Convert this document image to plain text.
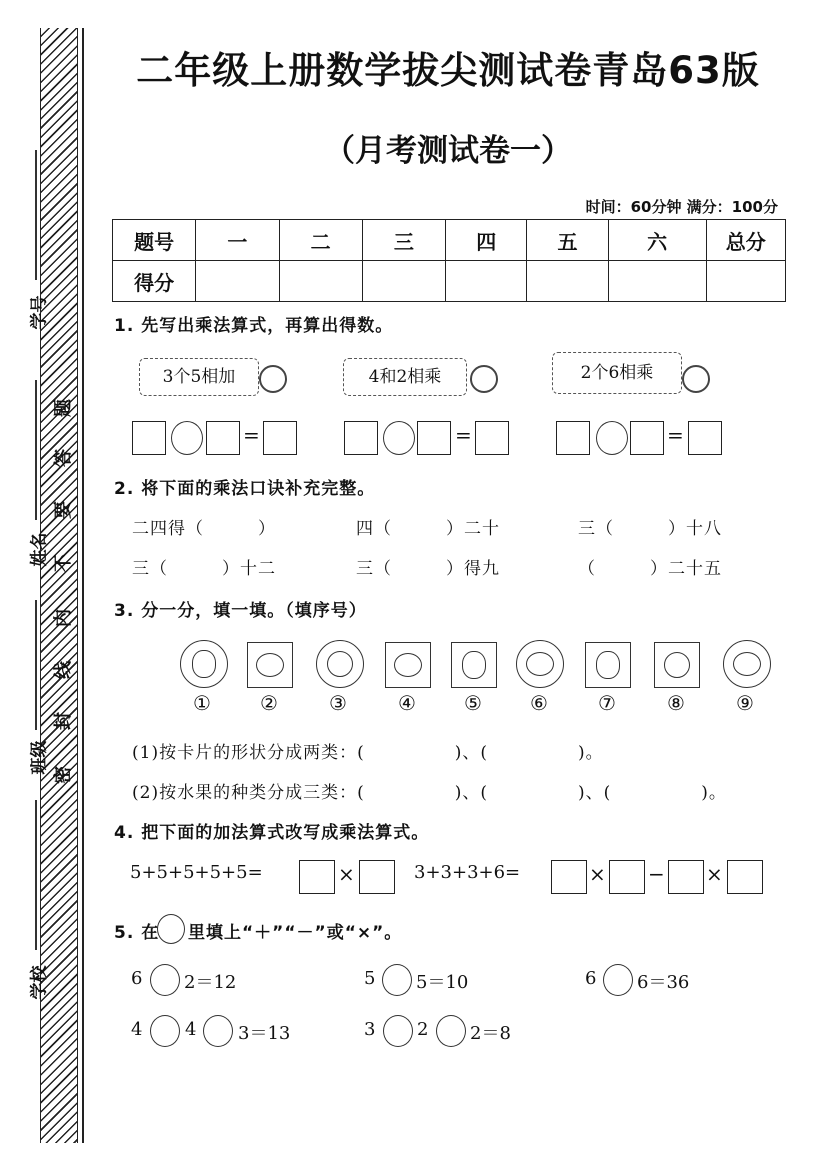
学号
姓名
班级
学校
题
答
要
不
内
线
封
密
二年级上册数学拔尖测试卷青岛63版
（月考测试卷一）
时间：60分钟 满分：100分
题号	一	二	三	四	五	六	总分
得分							
1. 先写出乘法算式，再算出得数。
3个5相加	4和2相乘	2个6相乘
=	=	=
2. 将下面的乘法口诀补充完整。
二四得（　　　）	四（　　　）二十	三（　　　）十八
三（　　　）十二	三（　　　）得九	（　　　）二十五
3. 分一分，填一填。（填序号）
① ②	③	④ ⑤ ⑥	⑦	⑧	⑨
(1)按卡片的形状分成两类：(　　　　　)、(　　　　　)。
(2)按水果的种类分成三类：(　　　　　)、(　　　　　)、(　　　　　)。
4. 把下面的加法算式改写成乘法算式。
5+5+5+5+5=	×	3+3+3+6=	× − ×
5. 在 里填上“＋”“－”或“×”。
6 2＝12	5 5＝10	6 6＝36
4 4 3＝13	3 2 2＝8
